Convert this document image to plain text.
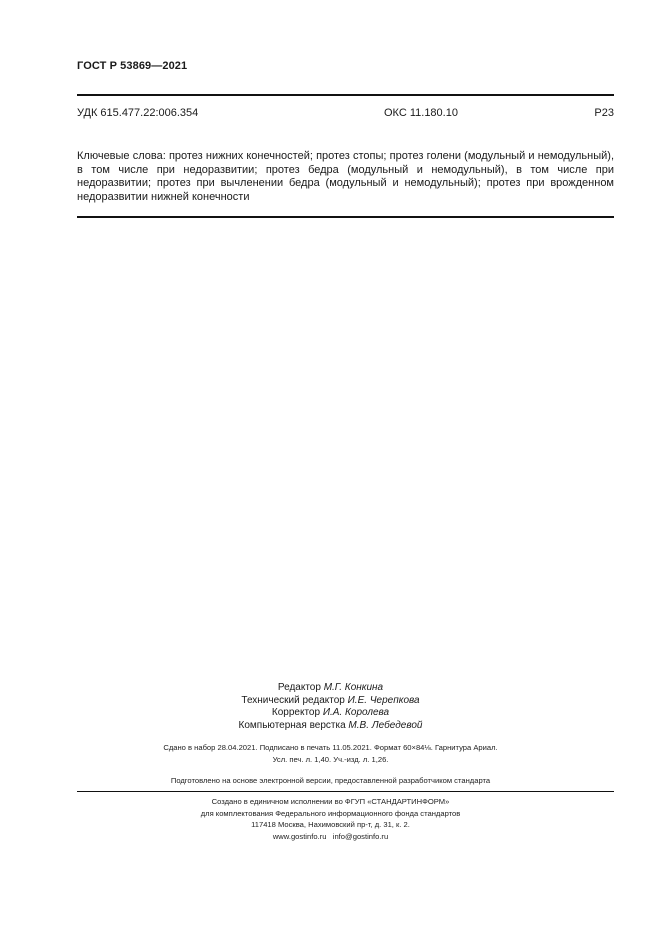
ГОСТ Р 53869—2021
УДК 615.477.22:006.354	ОКС 11.180.10	Р23
Ключевые слова: протез нижних конечностей; протез стопы; протез голени (модульный и немодульный), в том числе при недоразвитии; протез бедра (модульный и немодульный), в том числе при недоразвитии; протез при вычленении бедра (модульный и немодульный); протез при врожденном недоразвитии нижней конечности
Редактор М.Г. Конкина
Технический редактор И.Е. Черепкова
Корректор И.А. Королева
Компьютерная верстка М.В. Лебедевой
Сдано в набор 28.04.2021. Подписано в печать 11.05.2021. Формат 60×84⅛. Гарнитура Ариал.
Усл. печ. л. 1,40. Уч.-изд. л. 1,26.
Подготовлено на основе электронной версии, предоставленной разработчиком стандарта
Создано в единичном исполнении во ФГУП «СТАНДАРТИНФОРМ»
для комплектования Федерального информационного фонда стандартов
117418 Москва, Нахимовский пр-т, д. 31, к. 2.
www.gostinfo.ru info@gostinfo.ru
